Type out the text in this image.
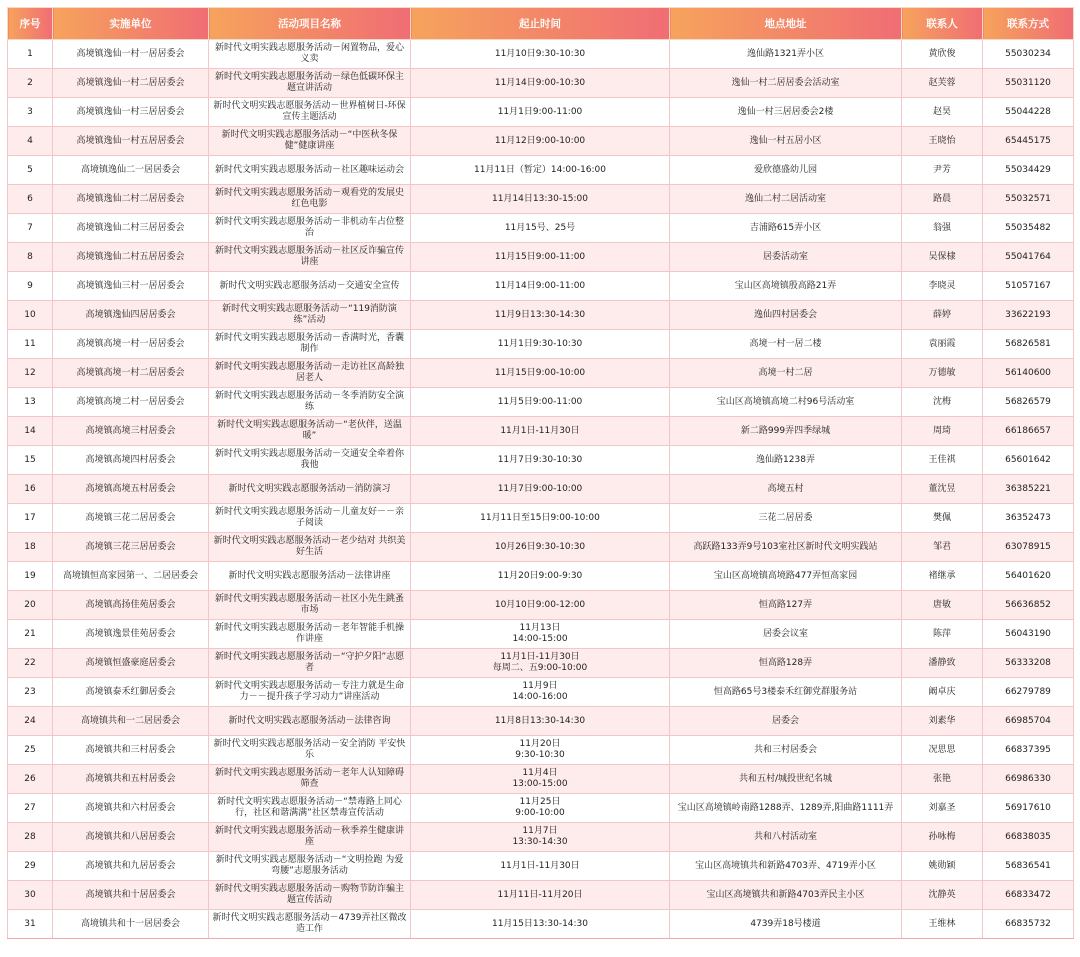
序号	实施单位	活动项目名称	起止时间	地点地址	联系人	联系方式
1	高境镇逸仙一村一居居委会	新时代文明实践志愿服务活动－闲置物品，爱心义卖	11月10日9:30-10:30	逸仙路1321弄小区	黄欣俊	55030234
2	高境镇逸仙一村二居居委会	新时代文明实践志愿服务活动－绿色低碳环保主题宣讲活动	11月14日9:00-10:30	逸仙一村二居居委会活动室	赵芙蓉	55031120
3	高境镇逸仙一村三居居委会	新时代文明实践志愿服务活动－世界植树日-环保宣传主题活动	11月1日9:00-11:00	逸仙一村三居居委会2楼	赵昊	55044228
4	高境镇逸仙一村五居居委会	新时代文明实践志愿服务活动－“中医秋冬保健”健康讲座	11月12日9:00-10:00	逸仙一村五居小区	王晓怡	65445175
5	高境镇逸仙二一居居委会	新时代文明实践志愿服务活动－社区趣味运动会	11月11日（暂定）14:00-16:00	爱欣德盛幼儿园	尹芳	55034429
6	高境镇逸仙二村二居居委会	新时代文明实践志愿服务活动－观看党的发展史红色电影	11月14日13:30-15:00	逸仙二村二居活动室	路晨	55032571
7	高境镇逸仙二村三居居委会	新时代文明实践志愿服务活动－非机动车占位整治	11月15号、25号	吉浦路615弄小区	翁强	55035482
8	高境镇逸仙二村五居居委会	新时代文明实践志愿服务活动－社区反诈骗宣传讲座	11月15日9:00-11:00	居委活动室	吴保棣	55041764
9	高境镇逸仙三村一居居委会	新时代文明实践志愿服务活动－交通安全宣传	11月14日9:00-11:00	宝山区高境镇殷高路21弄	李晓灵	51057167
10	高境镇逸仙四居居委会	新时代文明实践志愿服务活动－“119消防演练”活动	11月9日13:30-14:30	逸仙四村居委会	薛婷	33622193
11	高境镇高境一村一居居委会	新时代文明实践志愿服务活动－香满时光，香囊制作	11月1日9:30-10:30	高境一村一居二楼	袁丽霞	56826581
12	高境镇高境一村二居居委会	新时代文明实践志愿服务活动－走访社区高龄独居老人	11月15日9:00-10:00	高境一村二居	万德敏	56140600
13	高境镇高境二村一居居委会	新时代文明实践志愿服务活动－冬季消防安全演练	11月5日9:00-11:00	宝山区高境镇高境二村96号活动室	沈梅	56826579
14	高境镇高境三村居委会	新时代文明实践志愿服务活动－“老伙伴，送温暖”	11月1日-11月30日	新二路999弄四季绿城	周琦	66186657
15	高境镇高境四村居委会	新时代文明实践志愿服务活动－交通安全牵着你我他	11月7日9:30-10:30	逸仙路1238弄	王佳祺	65601642
16	高境镇高境五村居委会	新时代文明实践志愿服务活动－消防演习	11月7日9:00-10:00	高境五村	董沈昱	36385221
17	高境镇三花二居居委会	新时代文明实践志愿服务活动－儿童友好－－亲子阅读	11月11日至15日9:00-10:00	三花二居居委	樊佩	36352473
18	高境镇三花三居居委会	新时代文明实践志愿服务活动－老少结对 共织美好生活	10月26日9:30-10:30	高跃路133弄9号103室社区新时代文明实践站	邹君	63078915
19	高境镇恒高家园第一、二居居委会	新时代文明实践志愿服务活动－法律讲座	11月20日9:00-9:30	宝山区高境镇高境路477弄恒高家园	褚继承	56401620
20	高境镇高扬佳苑居委会	新时代文明实践志愿服务活动－社区小先生跳蚤市场	10月10日9:00-12:00	恒高路127弄	唐敏	56636852
21	高境镇逸景佳苑居委会	新时代文明实践志愿服务活动－老年智能手机操作讲座	11月13日
14:00-15:00	居委会议室	陈萍	56043190
22	高境镇恒盛豪庭居委会	新时代文明实践志愿服务活动－“守护夕阳”志愿者	11月1日-11月30日
每周二、五9:00-10:00	恒高路128弄	潘静致	56333208
23	高境镇泰禾红御居委会	新时代文明实践志愿服务活动－专注力就是生命力－－提升孩子学习动力”讲座活动	11月9日
14:00-16:00	恒高路65号3楼泰禾红御党群服务站	阚卓庆	66279789
24	高境镇共和一二居居委会	新时代文明实践志愿服务活动－法律咨询	11月8日13:30-14:30	居委会	刘素华	66985704
25	高境镇共和三村居委会	新时代文明实践志愿服务活动－安全消防 平安快乐	11月20日
9:30-10:30	共和三村居委会	况思思	66837395
26	高境镇共和五村居委会	新时代文明实践志愿服务活动－老年人认知障碍筛查	11月4日
13:00-15:00	共和五村/城投世纪名城	张艳	66986330
27	高境镇共和六村居委会	新时代文明实践志愿服务活动－“禁毒路上同心行，社区和谐满满”社区禁毒宣传活动	11月25日
9:00-10:00	宝山区高境镇岭南路1288弄、1289弄,阳曲路1111弄	刘嘉圣	56917610
28	高境镇共和八居居委会	新时代文明实践志愿服务活动－秋季养生健康讲座	11月7日
13:30-14:30	共和八村活动室	孙咏梅	66838035
29	高境镇共和九居居委会	新时代文明实践志愿服务活动－“文明捡跑 为爱弯腰”志愿服务活动	11月1日-11月30日	宝山区高境镇共和新路4703弄、4719弄小区	姚勋颖	56836541
30	高境镇共和十居居委会	新时代文明实践志愿服务活动－购物节防诈骗主题宣传活动	11月11日-11月20日	宝山区高境镇共和新路4703弄民主小区	沈静英	66833472
31	高境镇共和十一居居委会	新时代文明实践志愿服务活动－4739弄社区微改造工作	11月15日13:30-14:30	4739弄18号楼道	王维林	66835732
